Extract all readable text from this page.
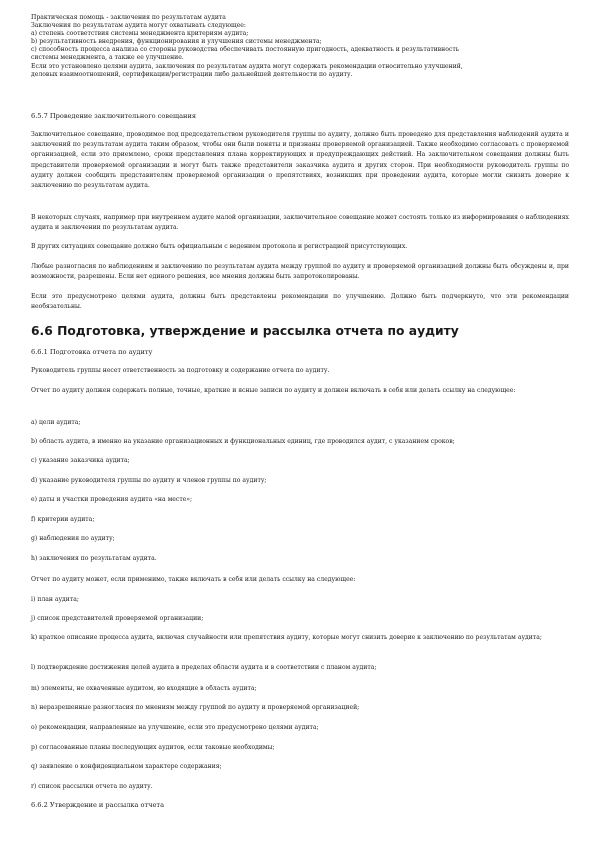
Практическая помощь - заключения по результатам аудита
Заключения по результатам аудита могут охватывать следующее:
a) степень соответствия системы менеджмента критериям аудита;
b) результативность внедрения, функционирования и улучшения системы менеджмента;
c) способность процесса анализа со стороны руководства обеспечивать постоянную пригодность, адекватность и результативность
системы менеджмента, а также ее улучшение.
Если это установлено целями аудита, заключения по результатам аудита могут содержать рекомендации относительно улучшений,
деловых взаимоотношений, сертификации/регистрации либо дальнейшей деятельности по аудиту.
6.5.7 Проведение заключительного совещания
Заключительное совещание, проводимое под председательством руководителя группы по аудиту, должно быть проведено для представления наблюдений аудита и заключений по результатам аудита таким образом, чтобы они были поняты и признаны проверяемой организацией. Также необходимо согласовать с проверяемой организацией, если это приемлемо, сроки представления плана корректирующих и предупреждающих действий. На заключительном совещании должны быть представители проверяемой организации и могут быть также представители заказчика аудита и других сторон. При необходимости руководитель группы по аудиту должен сообщить представителям проверяемой организации о препятствиях, возникших при проведении аудита, которые могли снизить доверие к заключению по результатам аудита.
В некоторых случаях, например при внутреннем аудите малой организации, заключительное совещание может состоять только из информирования о наблюдениях аудита и заключении по результатам аудита.
В других ситуациях совещание должно быть официальным с ведением протокола и регистрацией присутствующих.
Любые разногласия по наблюдениям и заключению по результатам аудита между группой по аудиту и проверяемой организацией должны быть обсуждены и, при возможности, разрешены. Если нет единого решения, все мнения должны быть запротоколированы.
Если это предусмотрено целями аудита, должны быть представлены рекомендации по улучшению. Должно быть подчеркнуто, что эти рекомендации необязательны.
6.6 Подготовка, утверждение и рассылка отчета по аудиту
6.6.1 Подготовка отчета по аудиту
Руководитель группы несет ответственность за подготовку и содержание отчета по аудиту.
Отчет по аудиту должен содержать полные, точные, краткие и ясные записи по аудиту и должен включать в себя или делать ссылку на следующее:
a) цели аудита;
b) область аудита, в именно на указание организационных и функциональных единиц, где проводился аудит, с указанием сроков;
c) указание заказчика аудита;
d) указание руководителя группы по аудиту и членов группы по аудиту;
e) даты и участки проведения аудита «на месте»;
f) критерии аудита;
g) наблюдения по аудиту;
h) заключения по результатам аудита.
Отчет по аудиту может, если применимо, также включать в себя или делать ссылку на следующее:
i) план аудита;
j) список представителей проверяемой организации;
k) краткое описание процесса аудита, включая случайности или препятствия аудиту, которые могут снизить доверие к заключению по результатам аудита;
l) подтверждение достижения целей аудита в пределах области аудита и в соответствии с планом аудита;
m) элементы, не охваченные аудитом, но входящие в область аудита;
n) неразрешенные разногласия по мнениям между группой по аудиту и проверяемой организацией;
o) рекомендации, направленные на улучшение, если это предусмотрено целями аудита;
p) согласованные планы последующих аудитов, если таковые необходимы;
q) заявление о конфиденциальном характере содержания;
r) список рассылки отчета по аудиту.
6.6.2 Утверждение и рассылка отчета
